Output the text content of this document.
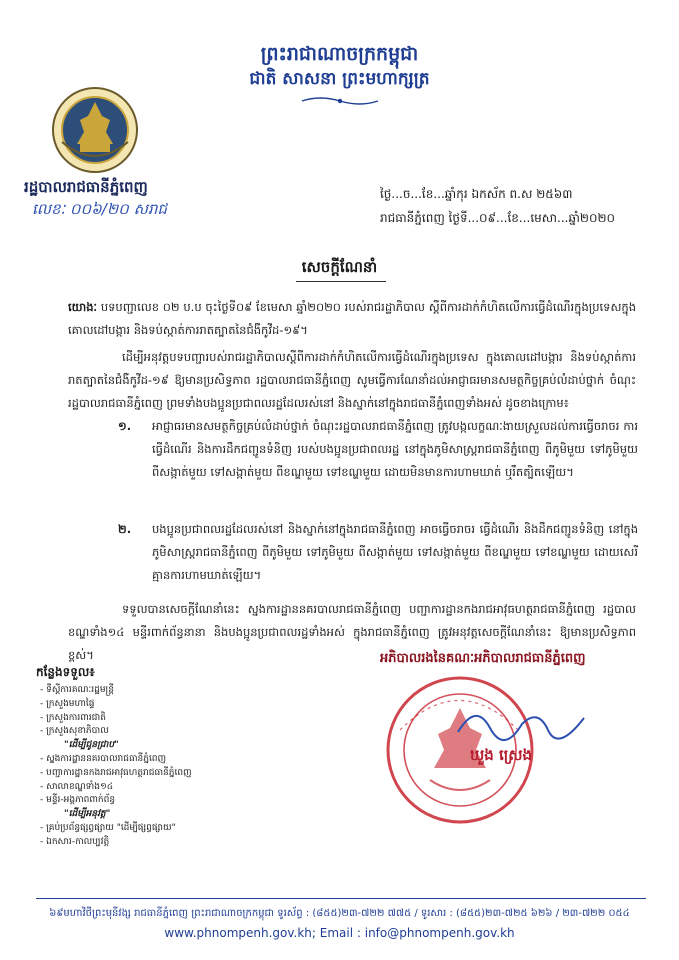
ព្រះរាជាណាចក្រកម្ពុជា
ជាតិ សាសនា ព្រះមហាក្សត្រ
រដ្ឋបាលរាជធានីភ្នំពេញ
លេខៈ ០០៦/២០ សរាជ
ថ្ងៃ...ច...ខែ...ឆ្នាំកុរ ឯកស័ក ព.ស ២៥៦៣
រាជធានីភ្នំពេញ ថ្ងៃទី...០៩...ខែ...មេសា...ឆ្នាំ២០២០
សេចក្តីណែនាំ
យោងៈ បទបញ្ជាលេខ ០២ ប.ប ចុះថ្ងៃទី០៩ ខែមេសា ឆ្នាំ២០២០ របស់រាជរដ្ឋាភិបាល ស្តីពីការដាក់កំហិតលើការធ្វើដំណើរក្នុងប្រទេសក្នុងគោលដៅបង្ការ និងទប់ស្កាត់ការរាតត្បាតនៃជំងឺកូវីដ-១៩។
ដើម្បីអនុវត្តបទបញ្ជារបស់រាជរដ្ឋាភិបាលស្តីពីការដាក់កំហិតលើការធ្វើដំណើរក្នុងប្រទេស ក្នុងគោលដៅបង្ការ និងទប់ស្កាត់ការរាតត្បាតនៃជំងឺកូវីដ-១៩ ឱ្យមានប្រសិទ្ធភាព រដ្ឋបាលរាជធានីភ្នំពេញ សូមធ្វើការណែនាំដល់អាជ្ញាធរមានសមត្ថកិច្ចគ្រប់លំដាប់ថ្នាក់ ចំណុះរដ្ឋបាលរាជធានីភ្នំពេញ ព្រមទាំងបងប្អូនប្រជាពលរដ្ឋដែលរស់នៅ និងស្នាក់នៅក្នុងរាជធានីភ្នំពេញទាំងអស់ ដូចខាងក្រោម៖
១. អាជ្ញាធរមានសមត្ថកិច្ចគ្រប់លំដាប់ថ្នាក់ ចំណុះរដ្ឋបាលរាជធានីភ្នំពេញ ត្រូវបង្កលក្ខណៈងាយស្រួលដល់ការធ្វើចរាចរ ការធ្វើដំណើរ និងការដឹកជញ្ជូនទំនិញ របស់បងប្អូនប្រជាពលរដ្ឋ នៅក្នុងភូមិសាស្ត្ររាជធានីភ្នំពេញ ពីភូមិមួយ ទៅភូមិមួយ ពីសង្កាត់មួយ ទៅសង្កាត់មួយ ពីខណ្ឌមួយ ទៅខណ្ឌមួយ ដោយមិនមានការហាមឃាត់ ឬរឹតត្បិតឡើយ។
២. បងប្អូនប្រជាពលរដ្ឋដែលរស់នៅ និងស្នាក់នៅក្នុងរាជធានីភ្នំពេញ អាចធ្វើចរាចរ ធ្វើដំណើរ និងដឹកជញ្ជូនទំនិញ នៅក្នុងភូមិសាស្ត្ររាជធានីភ្នំពេញ ពីភូមិមួយ ទៅភូមិមួយ ពីសង្កាត់មួយ ទៅសង្កាត់មួយ ពីខណ្ឌមួយ ទៅខណ្ឌមួយ ដោយសេរី គ្មានការហាមឃាត់ឡើយ។
ទទួលបានសេចក្តីណែនាំនេះ ស្នងការដ្ឋាននគរបាលរាជធានីភ្នំពេញ បញ្ជាការដ្ឋានកងរាជអាវុធហត្ថរាជធានីភ្នំពេញ រដ្ឋបាលខណ្ឌទាំង១៤ មន្ទីរពាក់ព័ន្ធនានា និងបងប្អូនប្រជាពលរដ្ឋទាំងអស់ ក្នុងរាជធានីភ្នំពេញ ត្រូវអនុវត្តសេចក្តីណែនាំនេះ ឱ្យមានប្រសិទ្ធភាពខ្ពស់។
កន្លែងទទួល៖
- ទីស្តីការគណៈរដ្ឋមន្ត្រី
- ក្រសួងមហាផ្ទៃ
- ក្រសួងការពារជាតិ
- ក្រសួងសុខាភិបាល
"ដើម្បីជូនជ្រាប"
- ស្នងការដ្ឋាននគរបាលរាជធានីភ្នំពេញ
- បញ្ជាការដ្ឋានកងរាជអាវុធហត្ថរាជធានីភ្នំពេញ
- សាលាខណ្ឌទាំង១៤
- មន្ទីរ-អង្គភាពពាក់ព័ន្ធ
"ដើម្បីអនុវត្ត"
- គ្រប់ប្រព័ន្ធផ្សព្វផ្សាយ "ដើម្បីផ្សព្វផ្សាយ"
- ឯកសារ-កាលប្បវត្តិ
អភិបាលរងនៃគណៈអភិបាលរាជធានីភ្នំពេញ
ឃួង ស្រេង
៦៩មហាវិថីព្រះមុនីវង្ស រាជធានីភ្នំពេញ ព្រះរាជាណាចក្រកម្ពុជា ទូរស័ព្ទ : (៨៥៥)២៣-៧២២ ៧៧៥ / ទូរសារ : (៨៥៥)២៣-៧២៥ ៦២៦ / ២៣-៧២២ ០៥៤
www.phnompenh.gov.kh; Email : info@phnompenh.gov.kh
